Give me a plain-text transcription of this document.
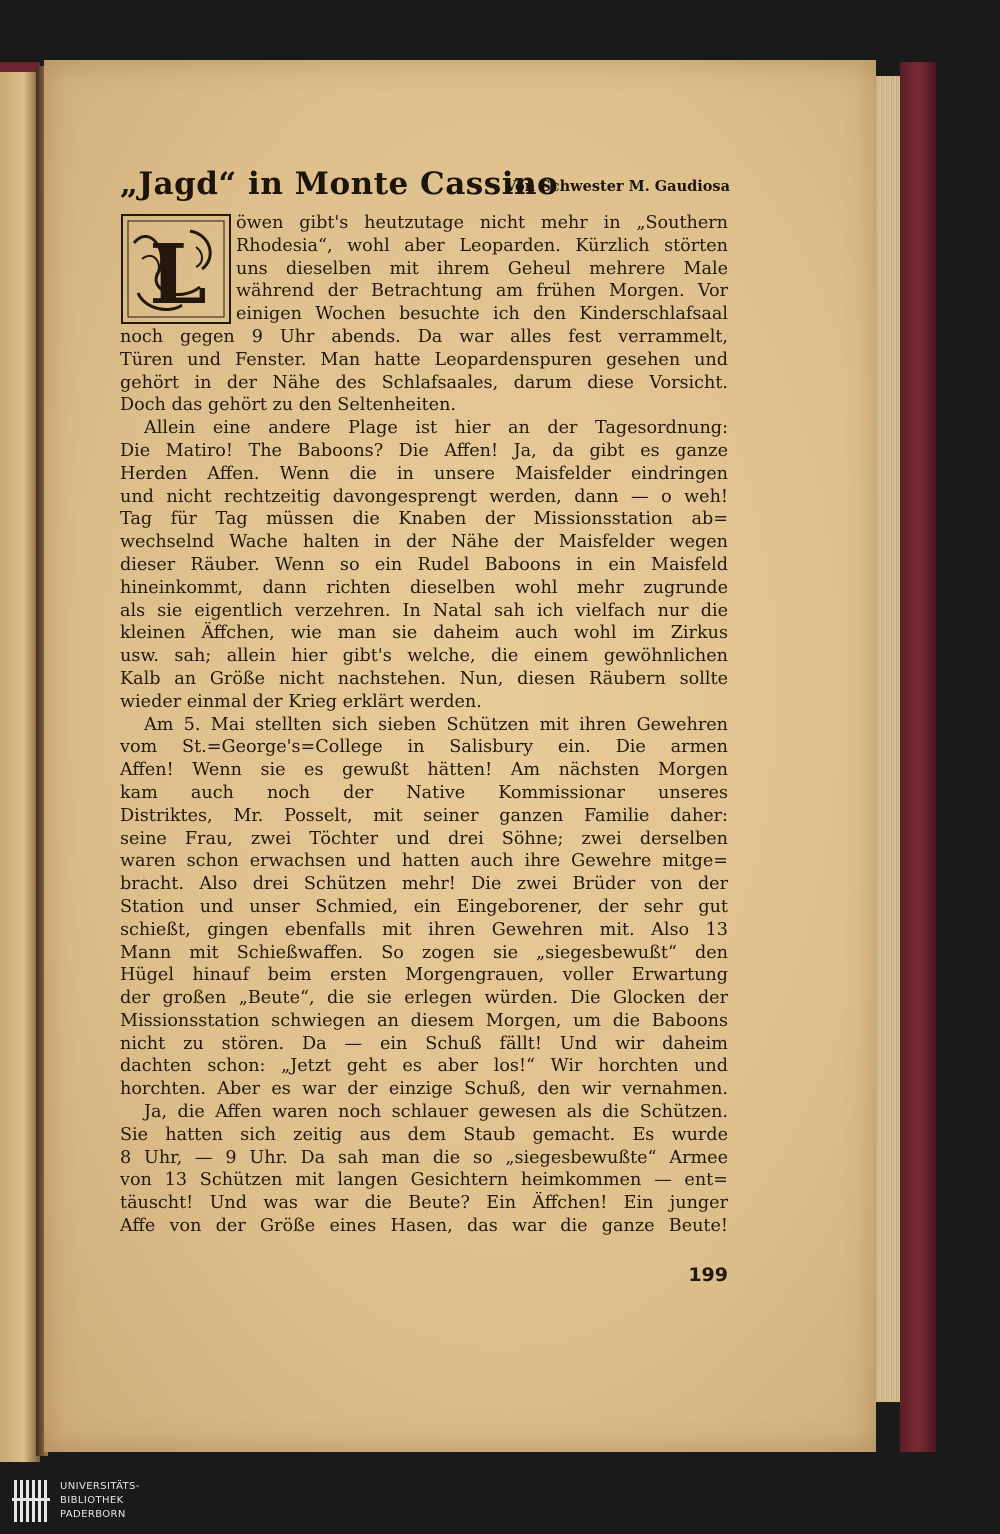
„Jagd“ in Monte Cassino
Von Schwester M. Gaudiosa
L
öwen gibt's heutzutage nicht mehr in „Southern
Rhodesia“, wohl aber Leoparden. Kürzlich störten
uns dieselben mit ihrem Geheul mehrere Male
während der Betrachtung am frühen Morgen. Vor
einigen Wochen besuchte ich den Kinderschlafsaal
noch gegen 9 Uhr abends. Da war alles fest verrammelt,
Türen und Fenster. Man hatte Leopardenspuren gesehen und
gehört in der Nähe des Schlafsaales, darum diese Vorsicht.
Doch das gehört zu den Seltenheiten.
Allein eine andere Plage ist hier an der Tagesordnung:
Die Matiro! The Baboons? Die Affen! Ja, da gibt es ganze
Herden Affen. Wenn die in unsere Maisfelder eindringen
und nicht rechtzeitig davongesprengt werden, dann — o weh!
Tag für Tag müssen die Knaben der Missionsstation ab=
wechselnd Wache halten in der Nähe der Maisfelder wegen
dieser Räuber. Wenn so ein Rudel Baboons in ein Maisfeld
hineinkommt, dann richten dieselben wohl mehr zugrunde
als sie eigentlich verzehren. In Natal sah ich vielfach nur die
kleinen Äffchen, wie man sie daheim auch wohl im Zirkus
usw. sah; allein hier gibt's welche, die einem gewöhnlichen
Kalb an Größe nicht nachstehen. Nun, diesen Räubern sollte
wieder einmal der Krieg erklärt werden.
Am 5. Mai stellten sich sieben Schützen mit ihren Gewehren
vom St.=George's=College in Salisbury ein. Die armen
Affen! Wenn sie es gewußt hätten! Am nächsten Morgen
kam auch noch der Native Kommissionar unseres
Distriktes, Mr. Posselt, mit seiner ganzen Familie daher:
seine Frau, zwei Töchter und drei Söhne; zwei derselben
waren schon erwachsen und hatten auch ihre Gewehre mitge=
bracht. Also drei Schützen mehr! Die zwei Brüder von der
Station und unser Schmied, ein Eingeborener, der sehr gut
schießt, gingen ebenfalls mit ihren Gewehren mit. Also 13
Mann mit Schießwaffen. So zogen sie „siegesbewußt“ den
Hügel hinauf beim ersten Morgengrauen, voller Erwartung
der großen „Beute“, die sie erlegen würden. Die Glocken der
Missionsstation schwiegen an diesem Morgen, um die Baboons
nicht zu stören. Da — ein Schuß fällt! Und wir daheim
dachten schon: „Jetzt geht es aber los!“ Wir horchten und
horchten. Aber es war der einzige Schuß, den wir vernahmen.
Ja, die Affen waren noch schlauer gewesen als die Schützen.
Sie hatten sich zeitig aus dem Staub gemacht. Es wurde
8 Uhr, — 9 Uhr. Da sah man die so „siegesbewußte“ Armee
von 13 Schützen mit langen Gesichtern heimkommen — ent=
täuscht! Und was war die Beute? Ein Äffchen! Ein junger
Affe von der Größe eines Hasen, das war die ganze Beute!
199
UNIVERSITÄTS-
BIBLIOTHEK
PADERBORN
